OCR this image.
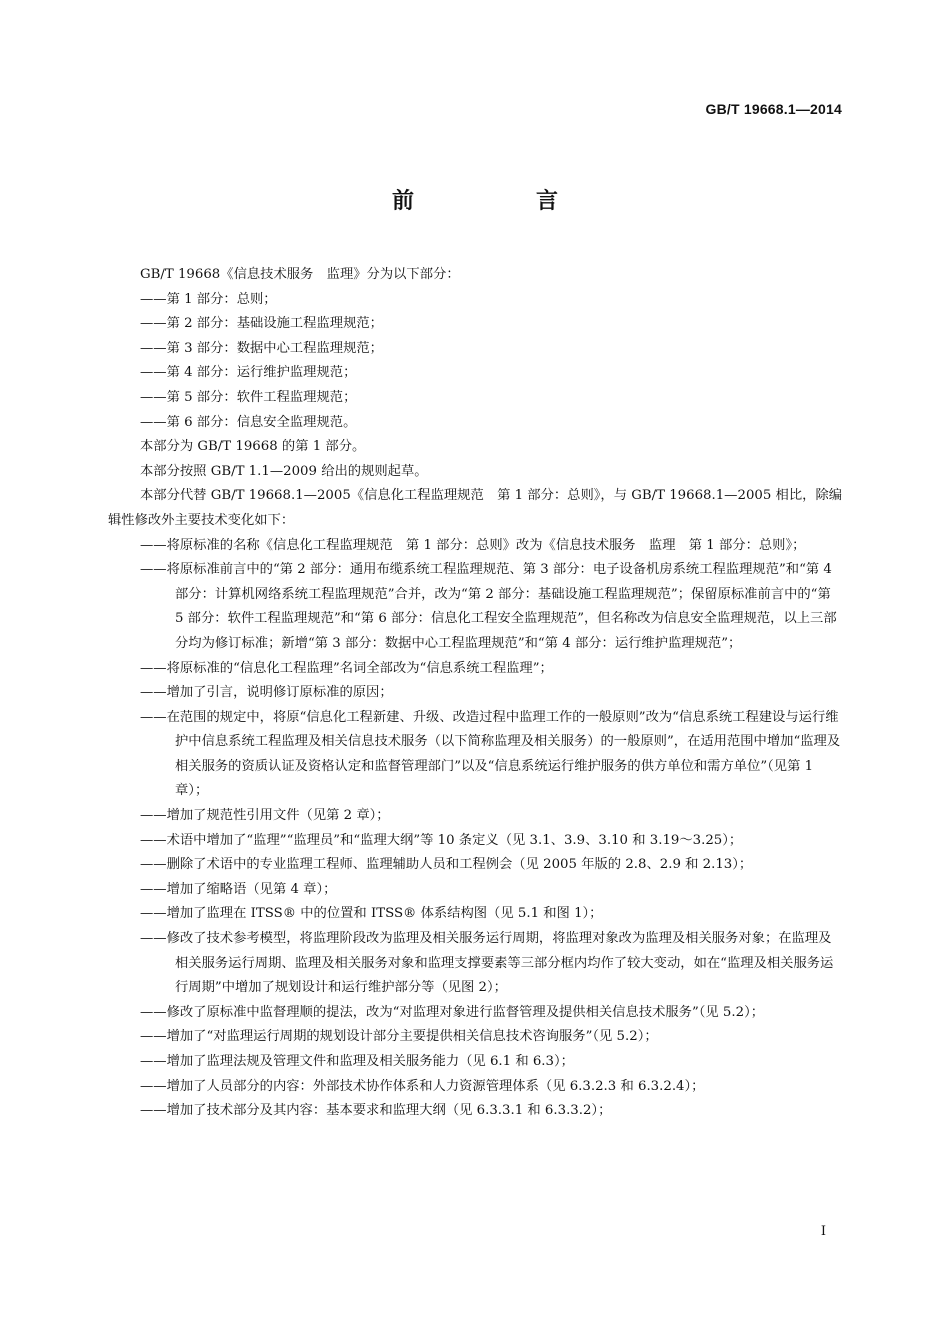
GB/T 19668.1—2014
前　言

GB/T 19668《信息技术服务　监理》分为以下部分：

——第 1 部分：总则；

——第 2 部分：基础设施工程监理规范；

——第 3 部分：数据中心工程监理规范；

——第 4 部分：运行维护监理规范；

——第 5 部分：软件工程监理规范；

——第 6 部分：信息安全监理规范。

本部分为 GB/T 19668 的第 1 部分。

本部分按照 GB/T 1.1—2009 给出的规则起草。

本部分代替 GB/T 19668.1—2005《信息化工程监理规范　第 1 部分：总则》，与 GB/T 19668.1—2005 相比，除编辑性修改外主要技术变化如下：

——将原标准的名称《信息化工程监理规范　第 1 部分：总则》改为《信息技术服务　监理　第 1 部分：总则》；

——将原标准前言中的“第 2 部分：通用布缆系统工程监理规范、第 3 部分：电子设备机房系统工程监理规范”和“第 4 部分：计算机网络系统工程监理规范”合并，改为“第 2 部分：基础设施工程监理规范”；保留原标准前言中的“第 5 部分：软件工程监理规范”和“第 6 部分：信息化工程安全监理规范”，但名称改为信息安全监理规范，以上三部分均为修订标准；新增“第 3 部分：数据中心工程监理规范”和“第 4 部分：运行维护监理规范”；

——将原标准的“信息化工程监理”名词全部改为“信息系统工程监理”；

——增加了引言，说明修订原标准的原因；

——在范围的规定中，将原“信息化工程新建、升级、改造过程中监理工作的一般原则”改为“信息系统工程建设与运行维护中信息系统工程监理及相关信息技术服务（以下简称监理及相关服务）的一般原则”，在适用范围中增加“监理及相关服务的资质认证及资格认定和监督管理部门”以及“信息系统运行维护服务的供方单位和需方单位”（见第 1 章）；

——增加了规范性引用文件（见第 2 章）；

——术语中增加了“监理”“监理员”和“监理大纲”等 10 条定义（见 3.1、3.9、3.10 和 3.19～3.25）；

——删除了术语中的专业监理工程师、监理辅助人员和工程例会（见 2005 年版的 2.8、2.9 和 2.13）；

——增加了缩略语（见第 4 章）；

——增加了监理在 ITSS® 中的位置和 ITSS® 体系结构图（见 5.1 和图 1）；

——修改了技术参考模型，将监理阶段改为监理及相关服务运行周期，将监理对象改为监理及相关服务对象；在监理及相关服务运行周期、监理及相关服务对象和监理支撑要素等三部分框内均作了较大变动，如在“监理及相关服务运行周期”中增加了规划设计和运行维护部分等（见图 2）；

——修改了原标准中监督理顺的提法，改为“对监理对象进行监督管理及提供相关信息技术服务”（见 5.2）；

——增加了“对监理运行周期的规划设计部分主要提供相关信息技术咨询服务”（见 5.2）；

——增加了监理法规及管理文件和监理及相关服务能力（见 6.1 和 6.3）；

——增加了人员部分的内容：外部技术协作体系和人力资源管理体系（见 6.3.2.3 和 6.3.2.4）；

——增加了技术部分及其内容：基本要求和监理大纲（见 6.3.3.1 和 6.3.3.2）；

I
